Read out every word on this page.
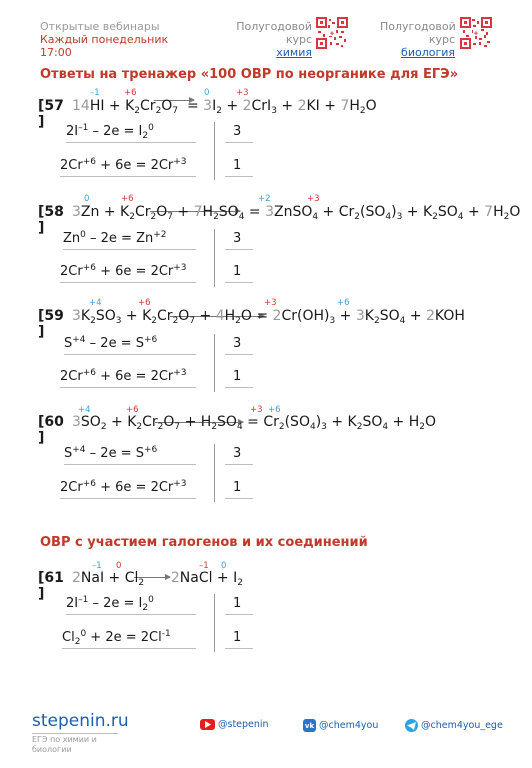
Открытые вебинары
Каждый понедельник
17:00
Полугодовой
курс
химия
✚
Полугодовой
курс
биология
✚
Ответы на тренажер «100 ОВР по неорганике для ЕГЭ»
–1	+6	0	+3
[57
]
$14HI + K_2Cr_2O_7 = 3I_2 + 2CrI_3 + 2KI + 7H_2O$
$2I^{-1} - 2e = I_2^0$	3
$2Cr^{+6} + 6e = 2Cr^{+3}$	1
0	+6	+2	+3
[58
]
$3Zn + K_2Cr_2O_7 + 7H_2SO_4$ = 3ZnSO$_4$ + $Cr_2(SO_4)_3 + K_2SO_4 + 7H_2O$
$Zn^0 - 2e = Zn^{+2}$	3
$2Cr^{+6} + 6e = 2Cr^{+3}$	1
+4	+6	+3	+6
[59
]
$3K_2SO_3 + K_2Cr_2O_7 + 4H_2O = 2Cr(OH)_3 + 3K_2SO_4 + 2KOH$
$S^{+4} - 2e = S^{+6}$	3
$2Cr^{+6} + 6e = 2Cr^{+3}$	1
+4	+6	+3 +6
[60
]
$3SO_2 + K_2Cr_2O_7 + H_2SO_4 = Cr_2(SO_4)_3 + K_2SO_4 + H_2O$
$S^{+4} - 2e = S^{+6}$	3
$2Cr^{+6} + 6e = 2Cr^{+3}$	1
ОВР с участием галогенов и их соединений
–1 0	–1 0
[61
]
$2NaI + Cl_2$ 2NaCl + $I_2$
$2I^{-1} - 2e = I_2^0$	1
$Cl_2^0 + 2e = 2Cl^{-1}$	1
stepenin.ru
ЕГЭ по химии и биологии
@stepenin	vk @chem4you	@chem4you_ege
